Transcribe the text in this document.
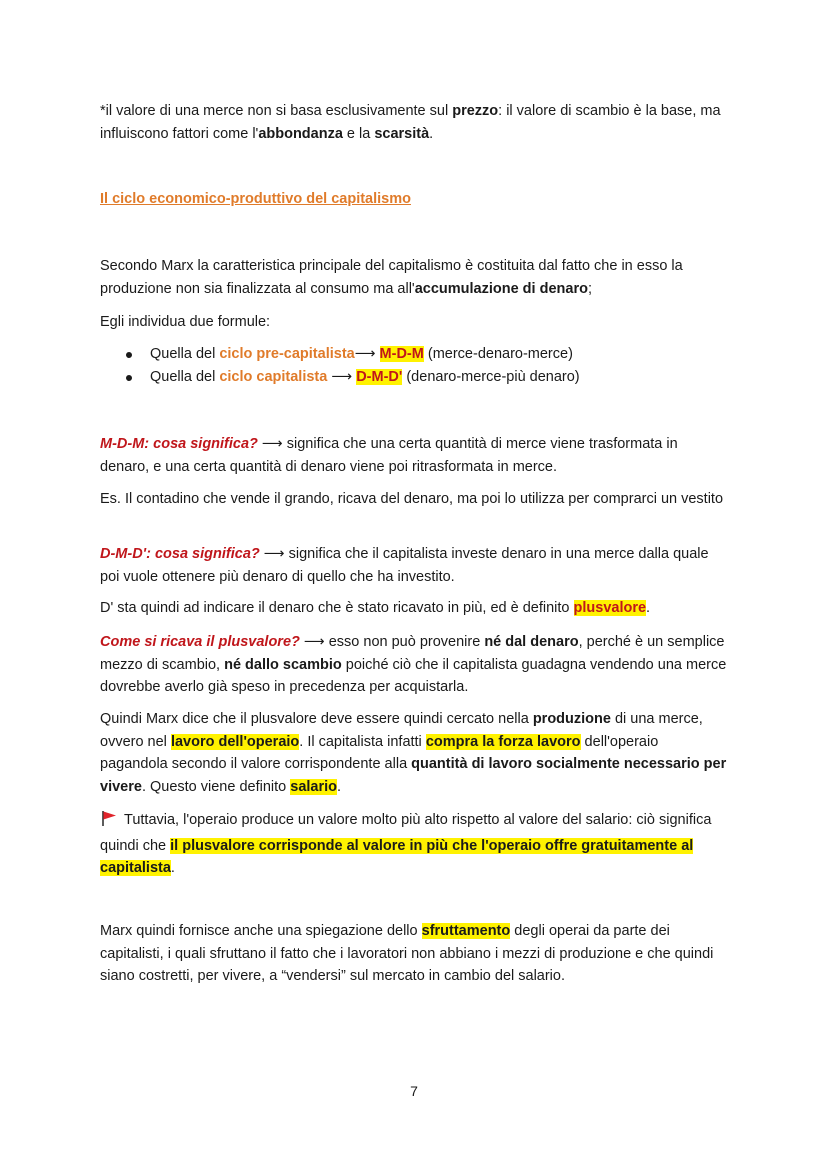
*il valore di una merce non si basa esclusivamente sul prezzo: il valore di scambio è la base, ma influiscono fattori come l'abbondanza e la scarsità.
Il ciclo economico-produttivo del capitalismo
Secondo Marx la caratteristica principale del capitalismo è costituita dal fatto che in esso la produzione non sia finalizzata al consumo ma all'accumulazione di denaro;
Egli individua due formule:
Quella del ciclo pre-capitalista⟶ M-D-M (merce-denaro-merce)
Quella del ciclo capitalista ⟶ D-M-D' (denaro-merce-più denaro)
M-D-M: cosa significa? ⟶ significa che una certa quantità di merce viene trasformata in denaro, e una certa quantità di denaro viene poi ritrasformata in merce.
Es. Il contadino che vende il grando, ricava del denaro, ma poi lo utilizza per comprarci un vestito
D-M-D': cosa significa? ⟶ significa che il capitalista investe denaro in una merce dalla quale poi vuole ottenere più denaro di quello che ha investito.
D' sta quindi ad indicare il denaro che è stato ricavato in più, ed è definito plusvalore.
Come si ricava il plusvalore? ⟶ esso non può provenire né dal denaro, perché è un semplice mezzo di scambio, né dallo scambio poiché ciò che il capitalista guadagna vendendo una merce dovrebbe averlo già speso in precedenza per acquistarla.
Quindi Marx dice che il plusvalore deve essere quindi cercato nella produzione di una merce, ovvero nel lavoro dell'operaio. Il capitalista infatti compra la forza lavoro dell'operaio pagandola secondo il valore corrispondente alla quantità di lavoro socialmente necessario per vivere. Questo viene definito salario.
Tuttavia, l'operaio produce un valore molto più alto rispetto al valore del salario: ciò significa quindi che il plusvalore corrisponde al valore in più che l'operaio offre gratuitamente al capitalista.
Marx quindi fornisce anche una spiegazione dello sfruttamento degli operai da parte dei capitalisti, i quali sfruttano il fatto che i lavoratori non abbiano i mezzi di produzione e che quindi siano costretti, per vivere, a “vendersi” sul mercato in cambio del salario.
7
